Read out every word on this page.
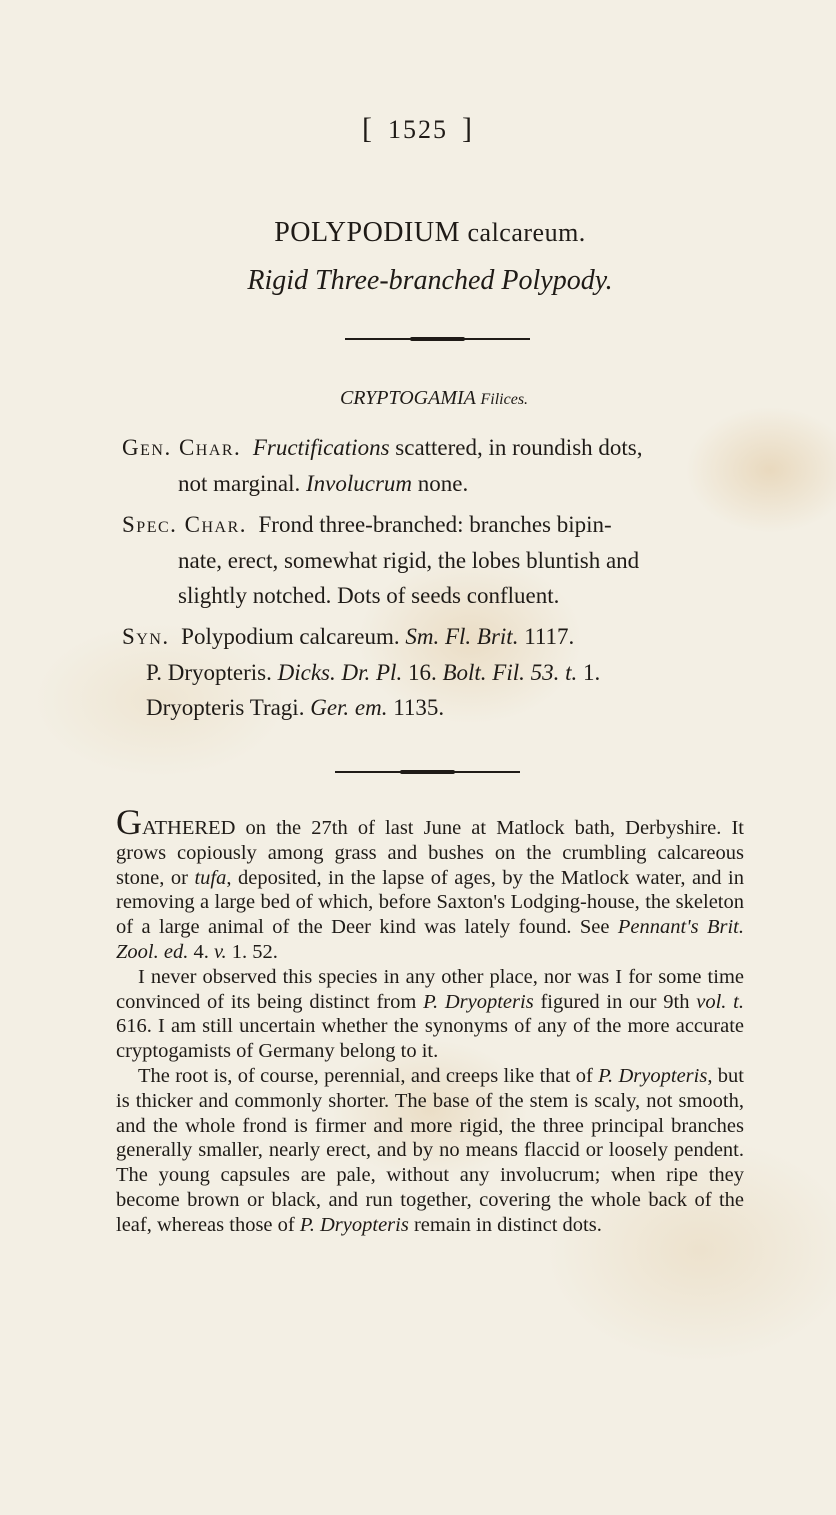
[ 1525 ]
POLYPODIUM calcareum.
Rigid Three-branched Polypody.
CRYPTOGAMIA Filices.
Gen. Char. Fructifications scattered, in roundish dots,
not marginal. Involucrum none.
Spec. Char. Frond three-branched: branches bipin-
nate, erect, somewhat rigid, the lobes bluntish and
slightly notched. Dots of seeds confluent.
Syn. Polypodium calcareum. Sm. Fl. Brit. 1117.
P. Dryopteris. Dicks. Dr. Pl. 16. Bolt. Fil. 53. t. 1.
Dryopteris Tragi. Ger. em. 1135.

GATHERED on the 27th of last June at Matlock bath, Derbyshire. It grows copiously among grass and bushes on the crumbling calcareous stone, or tufa, deposited, in the lapse of ages, by the Matlock water, and in removing a large bed of which, before Saxton's Lodging-house, the skeleton of a large animal of the Deer kind was lately found. See Pennant's Brit. Zool. ed. 4. v. 1. 52.

I never observed this species in any other place, nor was I for some time convinced of its being distinct from P. Dryopteris figured in our 9th vol. t. 616. I am still uncertain whether the synonyms of any of the more accurate cryptogamists of Germany belong to it.

The root is, of course, perennial, and creeps like that of P. Dryopteris, but is thicker and commonly shorter. The base of the stem is scaly, not smooth, and the whole frond is firmer and more rigid, the three principal branches generally smaller, nearly erect, and by no means flaccid or loosely pendent. The young capsules are pale, without any involucrum; when ripe they become brown or black, and run together, covering the whole back of the leaf, whereas those of P. Dryopteris remain in distinct dots.
